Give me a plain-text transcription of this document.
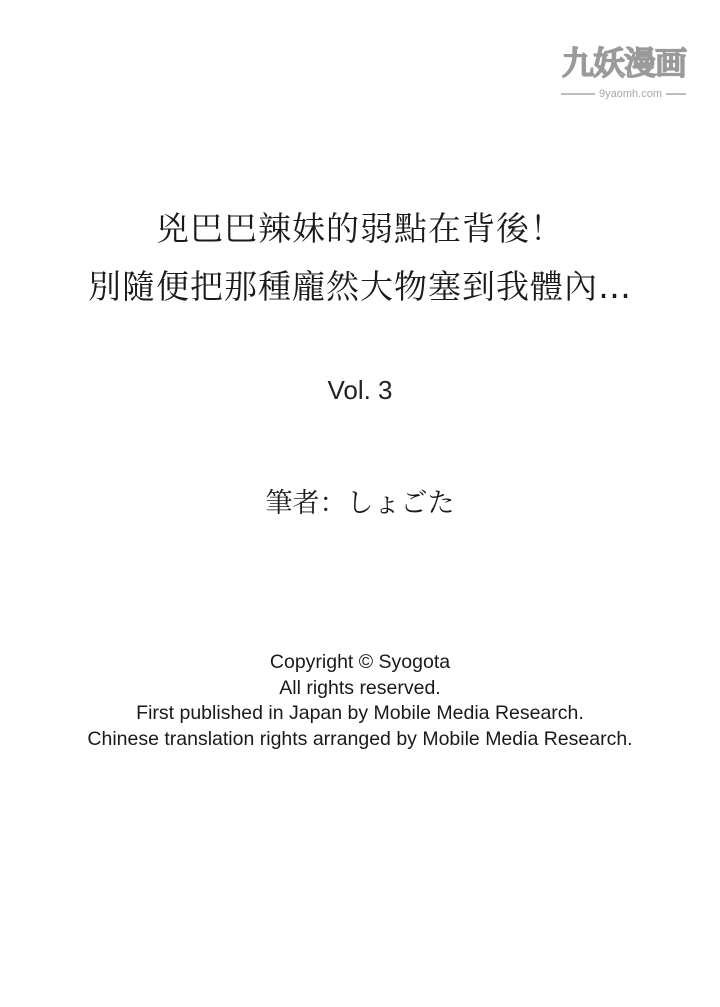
九妖漫画
9yaomh.com
兇巴巴辣妹的弱點在背後！
別隨便把那種龐然大物塞到我體內…
Vol. 3
筆者：しょごた
Copyright © Syogota
All rights reserved.
First published in Japan by Mobile Media Research.
Chinese translation rights arranged by Mobile Media Research.
